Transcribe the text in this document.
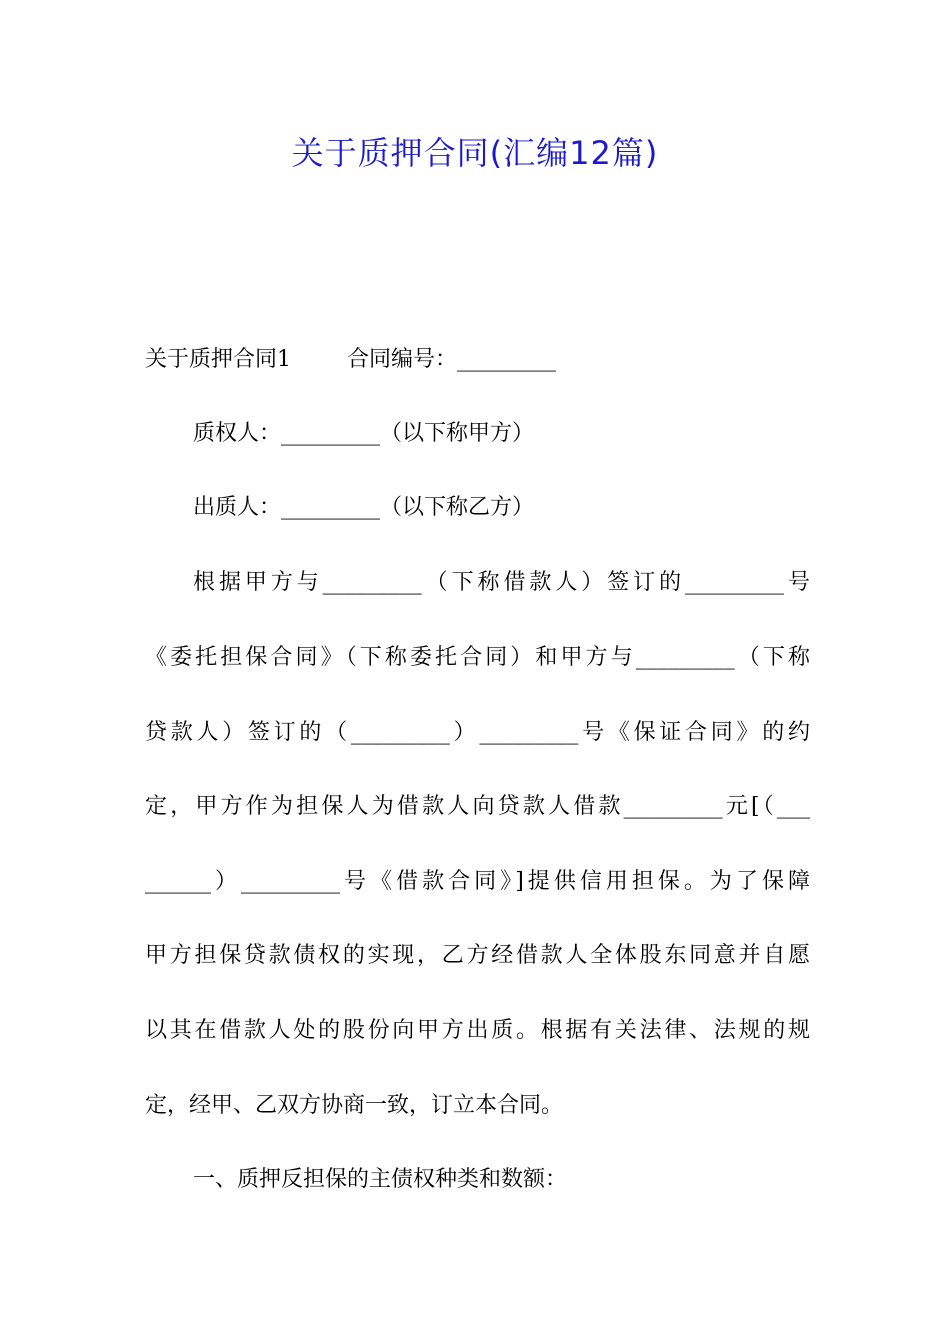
关于质押合同(汇编12篇)
关于质押合同1	合同编号：_________
质权人：_________（以下称甲方）
出质人：_________（以下称乙方）
根据甲方与_________（下称借款人）签订的_________号
《委托担保合同》（下称委托合同）和甲方与_________（下称
贷款人）签订的（_________）_________号《保证合同》的约
定，甲方作为担保人为借款人向贷款人借款_________元[（___
______）_________号《借款合同》]提供信用担保。为了保障
甲方担保贷款债权的实现，乙方经借款人全体股东同意并自愿
以其在借款人处的股份向甲方出质。根据有关法律、法规的规
定，经甲、乙双方协商一致，订立本合同。
一、质押反担保的主债权种类和数额：
